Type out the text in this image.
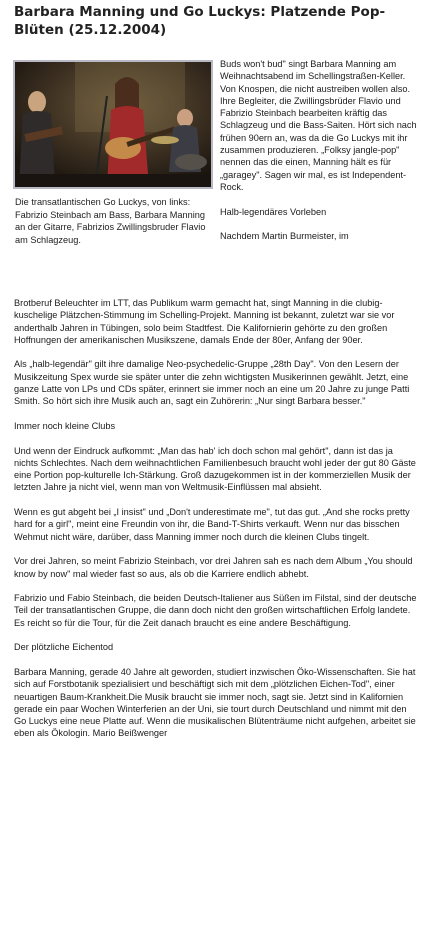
Barbara Manning und Go Luckys: Platzende Pop-Blüten (25.12.2004)
Die transatlantischen Go Luckys, von links: Fabrizio Steinbach am Bass, Barbara Manning an der Gitarre, Fabrizios Zwillingsbruder Flavio am Schlagzeug.

Buds won't bud" singt Barbara Manning am Weihnachtsabend im Schellingstraßen-Keller. Von Knospen, die nicht austreiben wollen also. Ihre Begleiter, die Zwillingsbrüder Flavio und Fabrizio Steinbach bearbeiten kräftig das Schlagzeug und die Bass-Saiten. Hört sich nach frühen 90ern an, was da die Go Luckys mit ihr zusammen produzieren. „Folksy jangle-pop" nennen das die einen, Manning hält es für „garagey". Sagen wir mal, es ist Independent-Rock.

Halb-legendäres Vorleben

Nachdem Martin Burmeister, im

Brotberuf Beleuchter im LTT, das Publikum warm gemacht hat, singt Manning in die clubig-kuschelige Plätzchen-Stimmung im Schelling-Projekt. Manning ist bekannt, zuletzt war sie vor anderthalb Jahren in Tübingen, solo beim Stadtfest. Die Kalifornierin gehörte zu den großen Hoffnungen der amerikanischen Musikszene, damals Ende der 80er, Anfang der 90er.

Als „halb-legendär" gilt ihre damalige Neo-psychedelic-Gruppe „28th Day". Von den Lesern der Musikzeitung Spex wurde sie später unter die zehn wichtigsten Musikerinnen gewählt. Jetzt, eine ganze Latte von LPs und CDs später, erinnert sie immer noch an eine um 20 Jahre zu junge Patti Smith. So hört sich ihre Musik auch an, sagt ein Zuhörerin: „Nur singt Barbara besser."

Immer noch kleine Clubs

Und wenn der Eindruck aufkommt: „Man das hab' ich doch schon mal gehört", dann ist das ja nichts Schlechtes. Nach dem weihnachtlichen Familienbesuch braucht wohl jeder der gut 80 Gäste eine Portion pop-kulturelle Ich-Stärkung. Groß dazugekommen ist in der kommerziellen Musik der letzten Jahre ja nicht viel, wenn man von Weltmusik-Einflüssen mal absieht.

Wenn es gut abgeht bei „I insist" und „Don't underestimate me", tut das gut. „And she rocks pretty hard for a girl", meint eine Freundin von ihr, die Band-T-Shirts verkauft. Wenn nur das bisschen Wehmut nicht wäre, darüber, dass Manning immer noch durch die kleinen Clubs tingelt.

Vor drei Jahren, so meint Fabrizio Steinbach, vor drei Jahren sah es nach dem Album „You should know by now" mal wieder fast so aus, als ob die Karriere endlich abhebt.

Fabrizio und Fabio Steinbach, die beiden Deutsch-Italiener aus Süßen im Filstal, sind der deutsche Teil der transatlantischen Gruppe, die dann doch nicht den großen wirtschaftlichen Erfolg landete. Es reicht so für die Tour, für die Zeit danach braucht es eine andere Beschäftigung.

Der plötzliche Eichentod

Barbara Manning, gerade 40 Jahre alt geworden, studiert inzwischen Öko-Wissenschaften. Sie hat sich auf Forstbotanik spezialisiert und beschäftigt sich mit dem „plötzlichen Eichen-Tod", einer neuartigen Baum-Krankheit.Die Musik braucht sie immer noch, sagt sie. Jetzt sind in Kalifornien gerade ein paar Wochen Winterferien an der Uni, sie tourt durch Deutschland und nimmt mit den Go Luckys eine neue Platte auf. Wenn die musikalischen Blütenträume nicht aufgehen, arbeitet sie eben als Ökologin. Mario Beißwenger
